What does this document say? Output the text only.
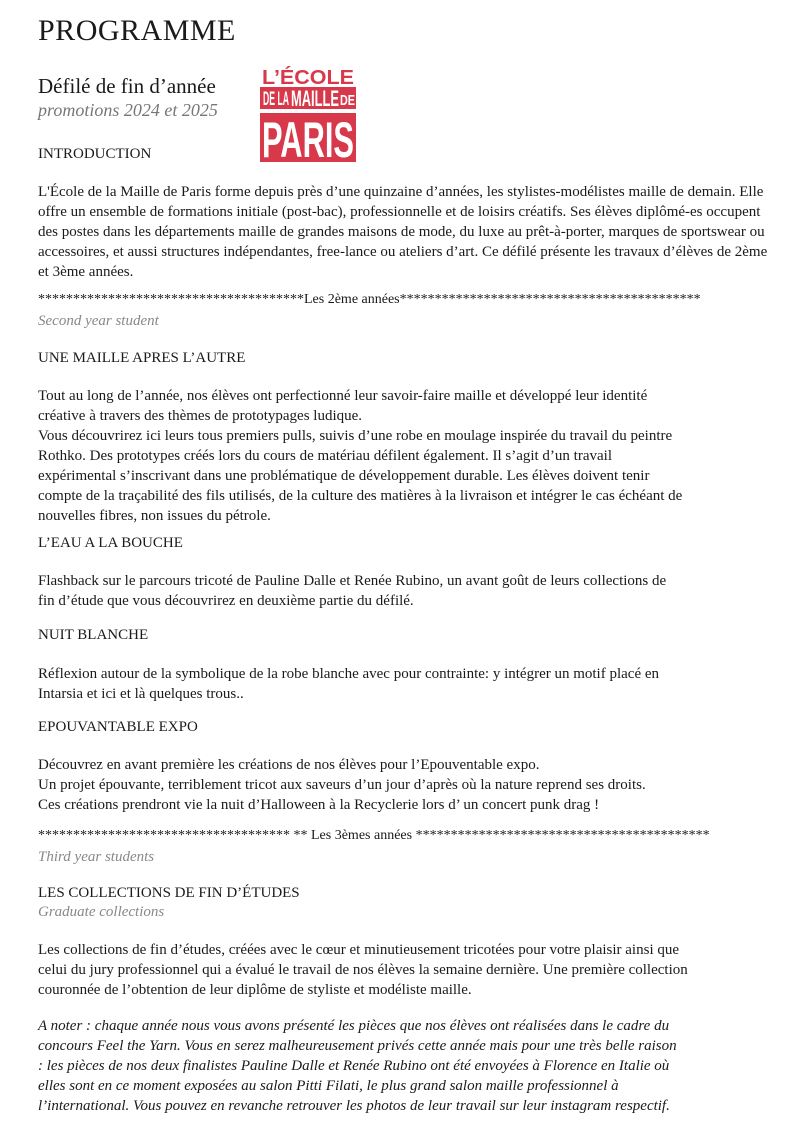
PROGRAMME
Défilé de fin d’année
promotions 2024 et 2025
L’ÉCOLE
DE LA MAILLE DE
PARIS
INTRODUCTION

L'École de la Maille de Paris forme depuis près d’une quinzaine d’années, les stylistes-modélistes maille de demain. Elle offre un ensemble de formations initiale (post-bac), professionnelle et de loisirs créatifs. Ses élèves diplômé-es occupent des postes dans les départements maille de grandes maisons de mode, du luxe au prêt-à-porter, marques de sportswear ou accessoires, et aussi structures indépendantes, free-lance ou ateliers d’art. Ce défilé présente les travaux d’élèves de 2ème et 3ème années.

**************************************Les 2ème années*******************************************
Second year student
UNE MAILLE APRES L’AUTRE

Tout au long de l’année, nos élèves ont perfectionné leur savoir-faire maille et développé leur identité

créative à travers des thèmes de prototypages ludique.

Vous découvrirez ici leurs tous premiers pulls, suivis d’une robe en moulage inspirée du travail du peintre

Rothko. Des prototypes créés lors du cours de matériau défilent également. Il s’agit d’un travail

expérimental s’inscrivant dans une problématique de développement durable. Les élèves doivent tenir

compte de la traçabilité des fils utilisés, de la culture des matières à la livraison et intégrer le cas échéant de

nouvelles fibres, non issues du pétrole.

L’EAU A LA BOUCHE

Flashback sur le parcours tricoté de Pauline Dalle et Renée Rubino, un avant goût de leurs collections de

fin d’étude que vous découvrirez en deuxième partie du défilé.

NUIT BLANCHE

Réflexion autour de la symbolique de la robe blanche avec pour contrainte: y intégrer un motif placé en

Intarsia et ici et là quelques trous..

EPOUVANTABLE EXPO

Découvrez en avant première les créations de nos élèves pour l’Epouventable expo.

Un projet épouvante, terriblement tricot aux saveurs d’un jour d’après où la nature reprend ses droits.

Ces créations prendront vie la nuit d’Halloween à la Recyclerie lors d’ un concert punk drag !

************************************ ** Les 3èmes années ******************************************
Third year students
LES COLLECTIONS DE FIN D’ÉTUDES
Graduate collections

Les collections de fin d’études, créées avec le cœur et minutieusement tricotées pour votre plaisir ainsi que

celui du jury professionnel qui a évalué le travail de nos élèves la semaine dernière. Une première collection

couronnée de l’obtention de leur diplôme de styliste et modéliste maille.

A noter : chaque année nous vous avons présenté les pièces que nos élèves ont réalisées dans le cadre du

concours Feel the Yarn. Vous en serez malheureusement privés cette année mais pour une très belle raison

: les pièces de nos deux finalistes Pauline Dalle et Renée Rubino ont été envoyées à Florence en Italie où

elles sont en ce moment exposées au salon Pitti Filati, le plus grand salon maille professionnel à

l’international. Vous pouvez en revanche retrouver les photos de leur travail sur leur instagram respectif.
